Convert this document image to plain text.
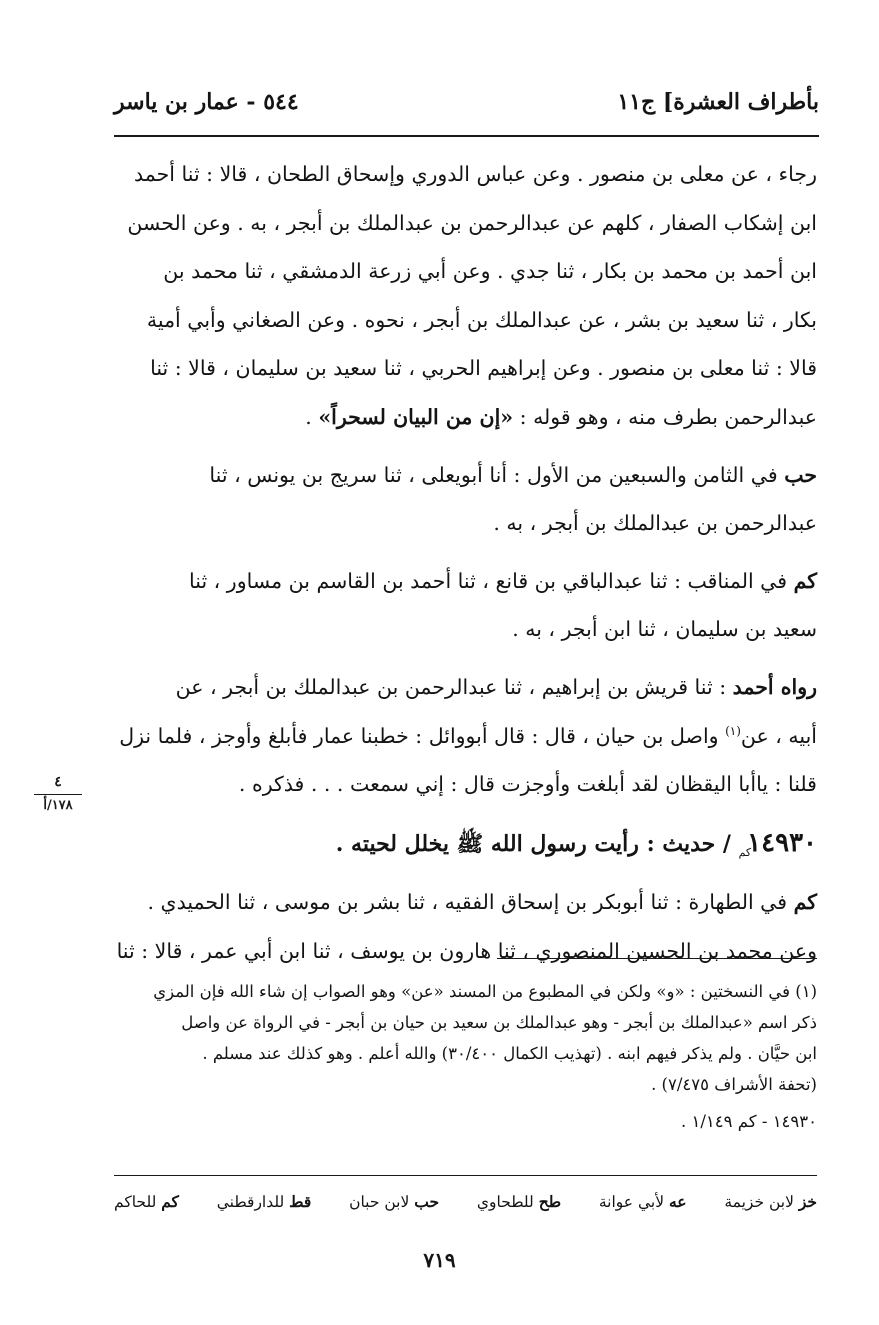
بأطراف العشرة] ج١١
٥٤٤ - عمار بن ياسر

رجاء ، عن معلى بن منصور . وعن عباس الدوري وإسحاق الطحان ، قالا : ثنا أحمد

ابن إشكاب الصفار ، كلهم عن عبدالرحمن بن عبدالملك بن أبجر ، به . وعن الحسن

ابن أحمد بن محمد بن بكار ، ثنا جدي . وعن أبي زرعة الدمشقي ، ثنا محمد بن

بكار ، ثنا سعيد بن بشر ، عن عبدالملك بن أبجر ، نحوه . وعن الصغاني وأبي أمية

قالا : ثنا معلى بن منصور . وعن إبراهيم الحربي ، ثنا سعيد بن سليمان ، قالا : ثنا

عبدالرحمن بطرف منه ، وهو قوله : «إن من البيان لسحراً» .

حب في الثامن والسبعين من الأول : أنا أبويعلى ، ثنا سريج بن يونس ، ثنا

عبدالرحمن بن عبدالملك بن أبجر ، به .

كم في المناقب : ثنا عبدالباقي بن قانع ، ثنا أحمد بن القاسم بن مساور ، ثنا

سعيد بن سليمان ، ثنا ابن أبجر ، به .

رواه أحمد : ثنا قريش بن إبراهيم ، ثنا عبدالرحمن بن عبدالملك بن أبجر ، عن

أبيه ، عن$^{(١)}$ واصل بن حيان ، قال : قال أبووائل : خطبنا عمار فأبلغ وأوجز ، فلما نزل

قلنا : ياأبا اليقظان لقد أبلغت وأوجزت قال : إني سمعت . . . فذكره .

$١٤٩٣٠_{كم}$ / حديث : رأيت رسول الله ﷺ يخلل لحيته .

كم في الطهارة : ثنا أبوبكر بن إسحاق الفقيه ، ثنا بشر بن موسى ، ثنا الحميدي .

وعن محمد بن الحسين المنصوري ، ثنا هارون بن يوسف ، ثنا ابن أبي عمر ، قالا : ثنا

٤
١٧٨/أ

(١) في النسختين : «و» ولكن في المطبوع من المسند «عن» وهو الصواب إن شاء الله فإن المزي

ذكر اسم «عبدالملك بن أبجر - وهو عبدالملك بن سعيد بن حيان بن أبجر - في الرواة عن واصل

ابن حيَّان . ولم يذكر فيهم ابنه . (تهذيب الكمال ٣٠/٤٠٠) والله أعلم . وهو كذلك عند مسلم .

(تحفة الأشراف ٧/٤٧٥) .

١٤٩٣٠ - كم ١/١٤٩ .

خز لابن خزيمة
عه لأبي عوانة
طح للطحاوي
حب لابن حبان
قط للدارقطني
كم للحاكم
٧١٩
